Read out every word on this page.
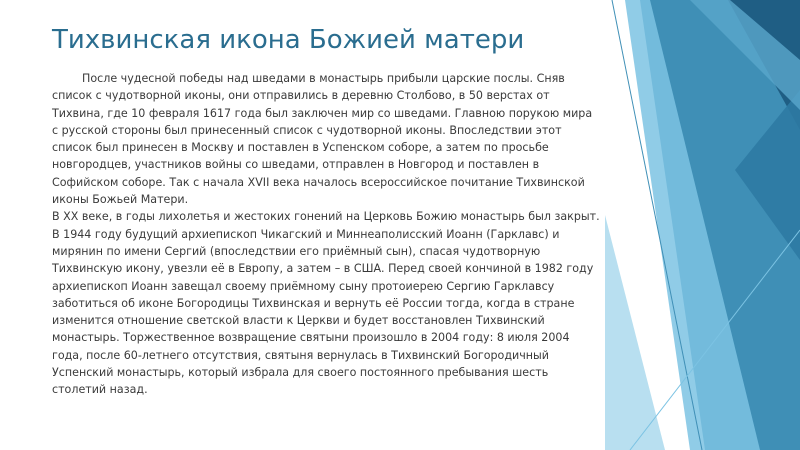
Тихвинская икона Божией матери

После чудесной победы над шведами в монастырь прибыли царские послы. Сняв список с чудотворной иконы, они отправились в деревню Столбово, в 50 верстах от Тихвина, где 10 февраля 1617 года был заключен мир со шведами. Главною порукою мира с русской стороны был принесенный список с чудотворной иконы. Впоследствии этот список был принесен в Москву и поставлен в Успенском соборе, а затем по просьбе новгородцев, участников войны со шведами, отправлен в Новгород и поставлен в Софийском соборе. Так с начала XVII века началось всероссийское почитание Тихвинской иконы Божьей Матери.

В XX веке, в годы лихолетья и жестоких гонений на Церковь Божию монастырь был закрыт. В 1944 году будущий архиепископ Чикагский и Миннеаполисский Иоанн (Гарклавс) и мирянин по имени Сергий (впоследствии его приёмный сын), спасая чудотворную Тихвинскую икону, увезли её в Европу, а затем – в США. Перед своей кончиной в 1982 году архиепископ Иоанн завещал своему приёмному сыну протоиерею Сергию Гарклавсу заботиться об иконе Богородицы Тихвинская и вернуть её России тогда, когда в стране изменится отношение светской власти к Церкви и будет восстановлен Тихвинский монастырь. Торжественное возвращение святыни произошло в 2004 году: 8 июля 2004 года, после 60-летнего отсутствия, святыня вернулась в Тихвинский Богородичный Успенский монастырь, который избрала для своего постоянного пребывания шесть столетий назад.
